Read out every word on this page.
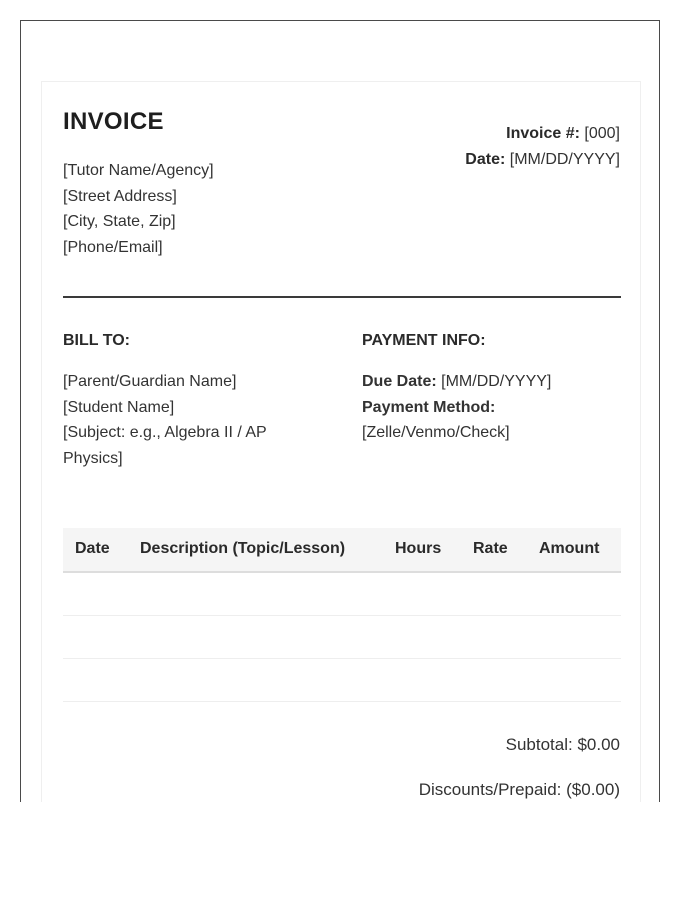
INVOICE
[Tutor Name/Agency]
[Street Address]
[City, State, Zip]
[Phone/Email]
Invoice #: [000]
Date: [MM/DD/YYYY]
BILL TO:
[Parent/Guardian Name]
[Student Name]
[Subject: e.g., Algebra II / AP
Physics]
PAYMENT INFO:
Due Date: [MM/DD/YYYY]
Payment Method:
[Zelle/Venmo/Check]
Date Description (Topic/Lesson)	Hours Rate Amount
Subtotal: $0.00
Discounts/Prepaid: ($0.00)
